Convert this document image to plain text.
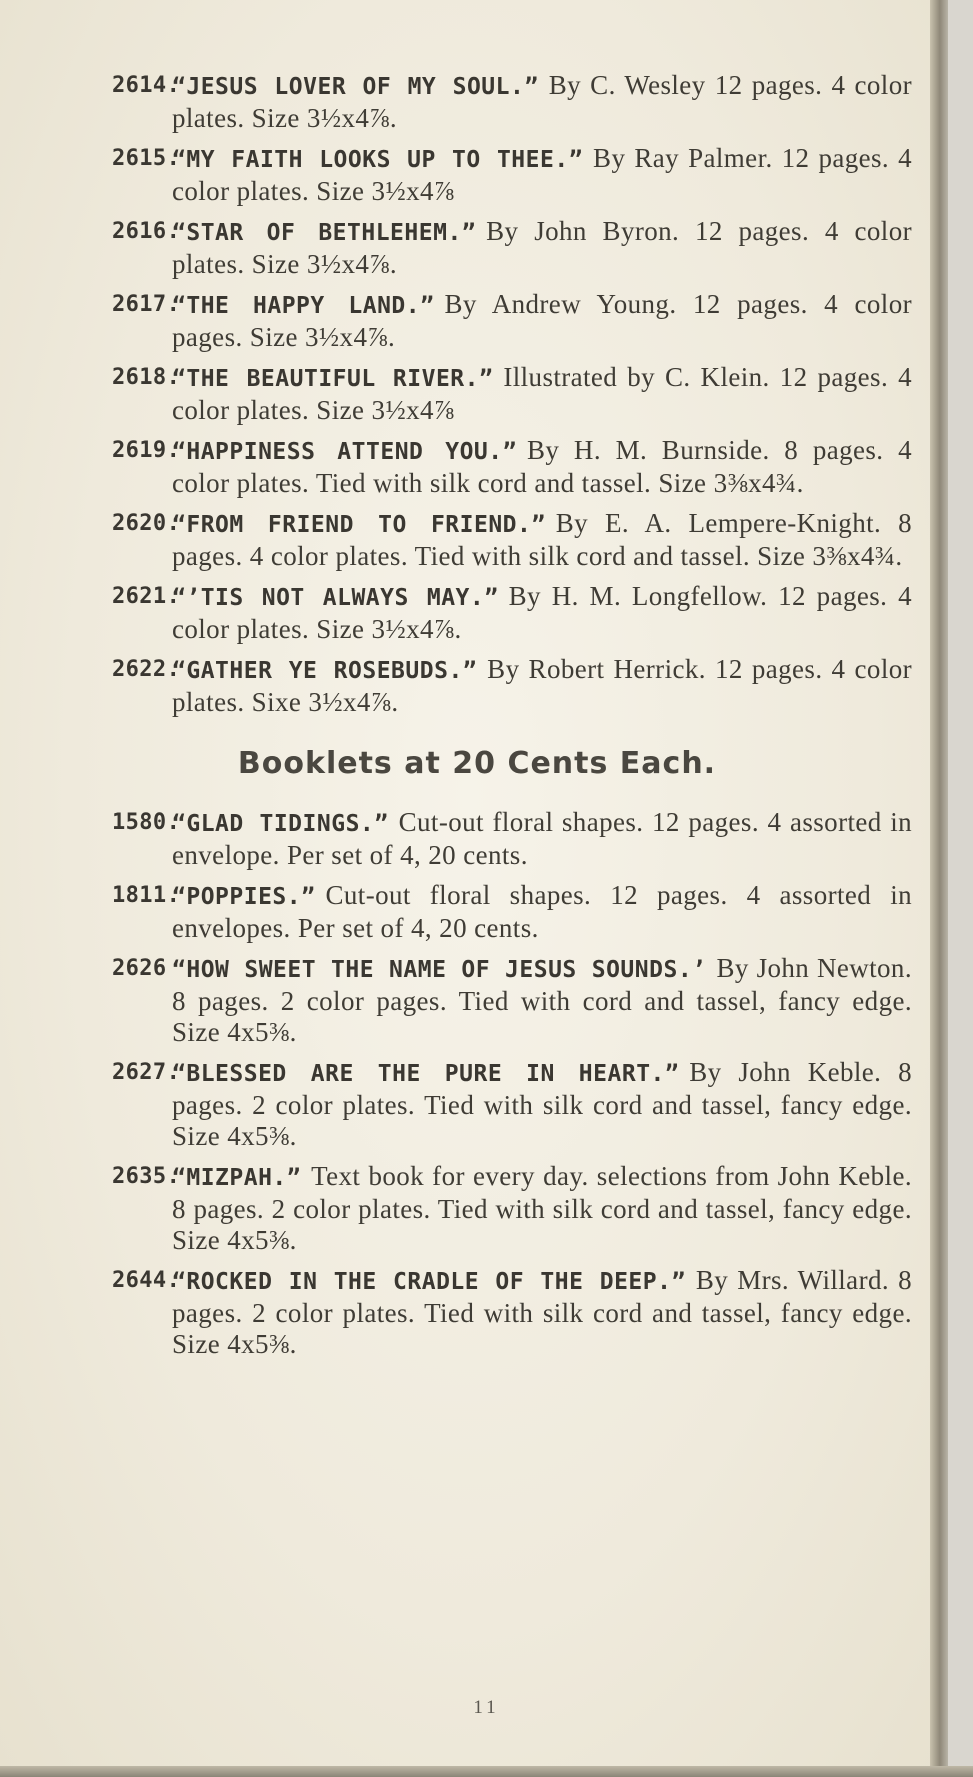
2614.
“JESUS LOVER OF MY SOUL.” By C. Wesley 12 pages. 4 color plates. Size 3½x4⅞.
2615.
“MY FAITH LOOKS UP TO THEE.” By Ray Palmer. 12 pages. 4 color plates. Size 3½x4⅞
2616.
“STAR OF BETHLEHEM.” By John Byron. 12 pages. 4 color plates. Size 3½x4⅞.
2617.
“THE HAPPY LAND.” By Andrew Young. 12 pages. 4 color pages. Size 3½x4⅞.
2618.
“THE BEAUTIFUL RIVER.” Illustrated by C. Klein. 12 pages. 4 color plates. Size 3½x4⅞
2619.
“HAPPINESS ATTEND YOU.” By H. M. Burnside. 8 pages. 4 color plates. Tied with silk cord and tassel. Size 3⅜x4¾.
2620.
“FROM FRIEND TO FRIEND.” By E. A. Lempere-Knight. 8 pages. 4 color plates. Tied with silk cord and tassel. Size 3⅜x4¾.
2621.
“’TIS NOT ALWAYS MAY.” By H. M. Longfellow. 12 pages. 4 color plates. Size 3½x4⅞.
2622.
“GATHER YE ROSEBUDS.” By Robert Herrick. 12 pages. 4 color plates. Sixe 3½x4⅞.
Booklets at 20 Cents Each.
1580.
“GLAD TIDINGS.” Cut-out floral shapes. 12 pages. 4 assorted in envelope. Per set of 4, 20 cents.
1811.
“POPPIES.” Cut-out floral shapes. 12 pages. 4 assorted in envelopes. Per set of 4, 20 cents.
2626 “HOW SWEET THE NAME OF JESUS SOUNDS.’ By John Newton. 8 pages. 2 color pages. Tied with cord and tassel, fancy edge. Size 4x5⅜.
2627.
“BLESSED ARE THE PURE IN HEART.” By John Keble. 8 pages. 2 color plates. Tied with silk cord and tassel, fancy edge. Size 4x5⅜.
2635.
“MIZPAH.” Text book for every day. selections from John Keble. 8 pages. 2 color plates. Tied with silk cord and tassel, fancy edge. Size 4x5⅜.
2644.
“ROCKED IN THE CRADLE OF THE DEEP.” By Mrs. Willard. 8 pages. 2 color plates. Tied with silk cord and tassel, fancy edge. Size 4x5⅜.
11
